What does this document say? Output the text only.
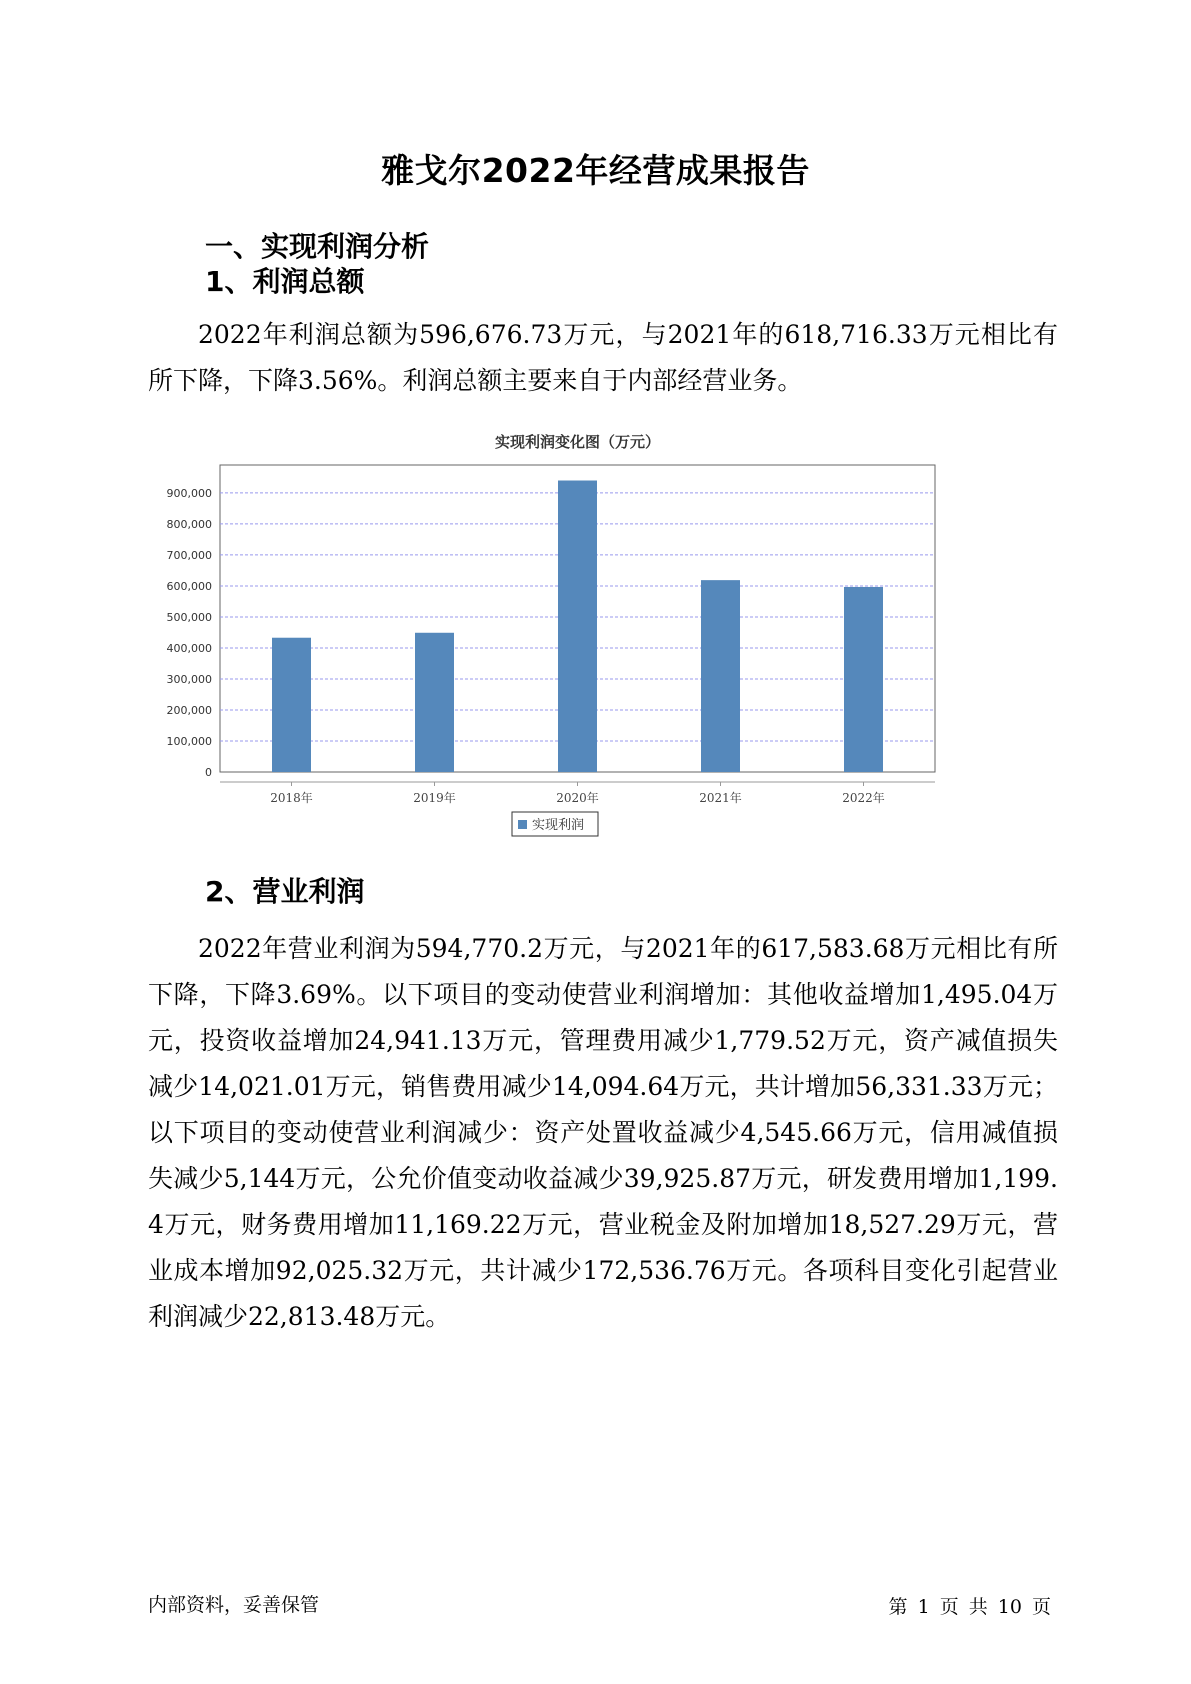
雅戈尔2022年经营成果报告
一、实现利润分析
1、利润总额

2022年利润总额为596,676.73万元，与2021年的618,716.33万元相比有所下降，下降3.56%。利润总额主要来自于内部经营业务。

实现利润变化图（万元）
0
100,000
200,000
300,000
400,000
500,000
600,000
700,000
800,000
900,000
2018年	2019年	2020年	2021年	2022年
实现利润
2、营业利润

2022年营业利润为594,770.2万元，与2021年的617,583.68万元相比有所下降，下降3.69%。以下项目的变动使营业利润增加：其他收益增加1,495.04万元，投资收益增加24,941.13万元，管理费用减少1,779.52万元，资产减值损失减少14,021.01万元，销售费用减少14,094.64万元，共计增加56,331.33万元；以下项目的变动使营业利润减少：资产处置收益减少4,545.66万元，信用减值损失减少5,144万元，公允价值变动收益减少39,925.87万元，研发费用增加1,199.4万元，财务费用增加11,169.22万元，营业税金及附加增加18,527.29万元，营业成本增加92,025.32万元，共计减少172,536.76万元。各项科目变化引起营业利润减少22,813.48万元。

内部资料，妥善保管	第 1 页 共 10 页
